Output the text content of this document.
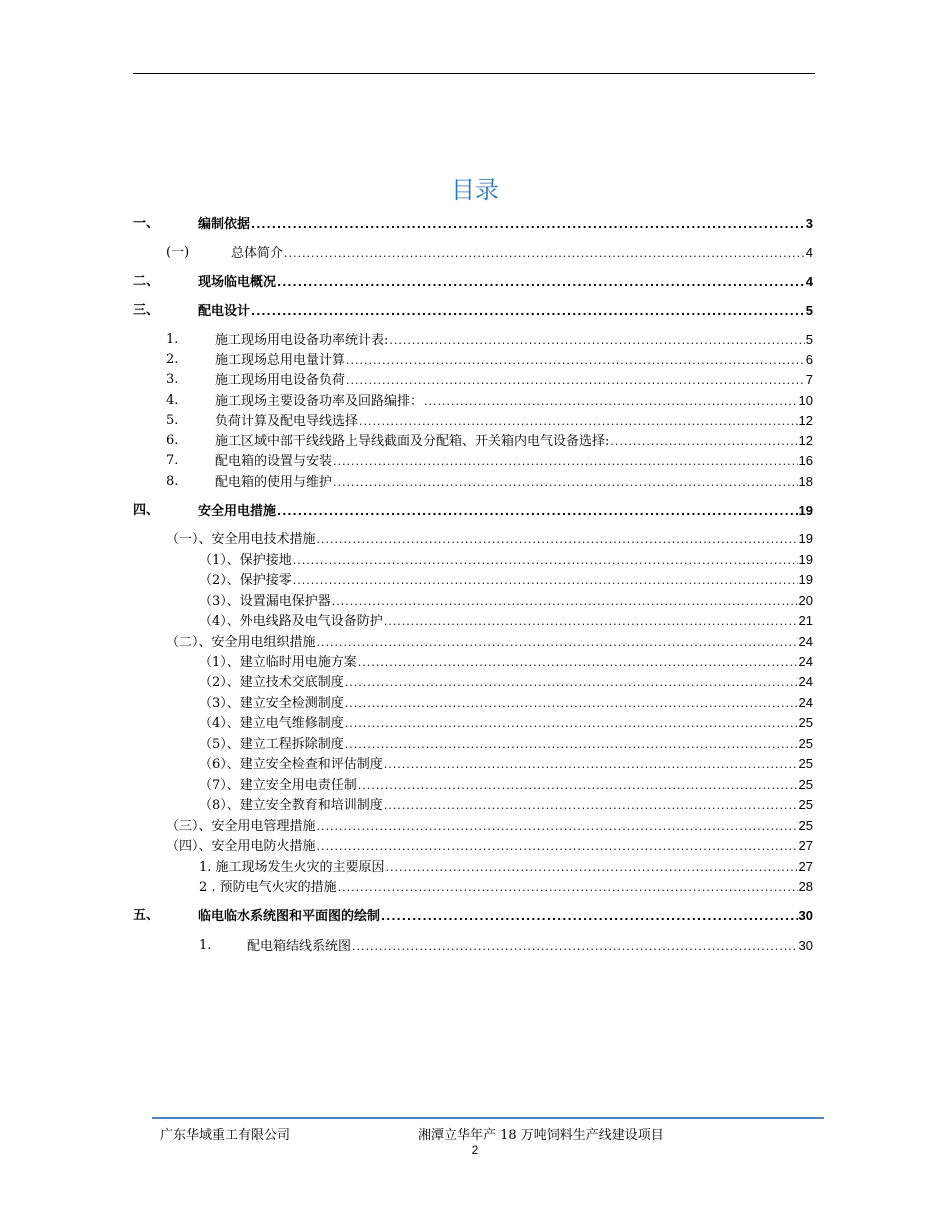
目录
一、	编制依据 .....	3
(一)	总体简介 .....	4
二、	现场临电概况 .....	4
三、	配电设计 .....	5
1.	施工现场用电设备功率统计表: .....	5
2.	施工现场总用电量计算 .....	6
3.	施工现场用电设备负荷 .....	7
4.	施工现场主要设备功率及回路编排： .....	10
5.	负荷计算及配电导线选择 .....	12
6.	施工区域中部干线线路上导线截面及分配箱、开关箱内电气设备选择: .....	12
7.	配电箱的设置与安装 .....	16
8.	配电箱的使用与维护 .....	18
四、	安全用电措施 .....	19
（一）、安全用电技术措施 .....	19
（1）、保护接地 .....	19
（2）、保护接零 .....	19
（3）、设置漏电保护器 .....	20
（4）、外电线路及电气设备防护 .....	21
（二）、安全用电组织措施 .....	24
（1）、建立临时用电施方案 .....	24
（2）、建立技术交底制度 .....	24
（3）、建立安全检测制度 .....	24
（4）、建立电气维修制度 .....	25
（5）、建立工程拆除制度 .....	25
（6）、建立安全检查和评估制度 .....	25
（7）、建立安全用电责任制 .....	25
（8）、建立安全教育和培训制度 .....	25
（三）、安全用电管理措施 .....	25
（四）、安全用电防火措施 .....	27
1. 施工现场发生火灾的主要原因 .....	27
2 . 预防电气火灾的措施 .....	28
五、	临电临水系统图和平面图的绘制 .....	30
1.	配电箱结线系统图 .....	30
广东华域重工有限公司	湘潭立华年产 18 万吨饲料生产线建设项目
2
